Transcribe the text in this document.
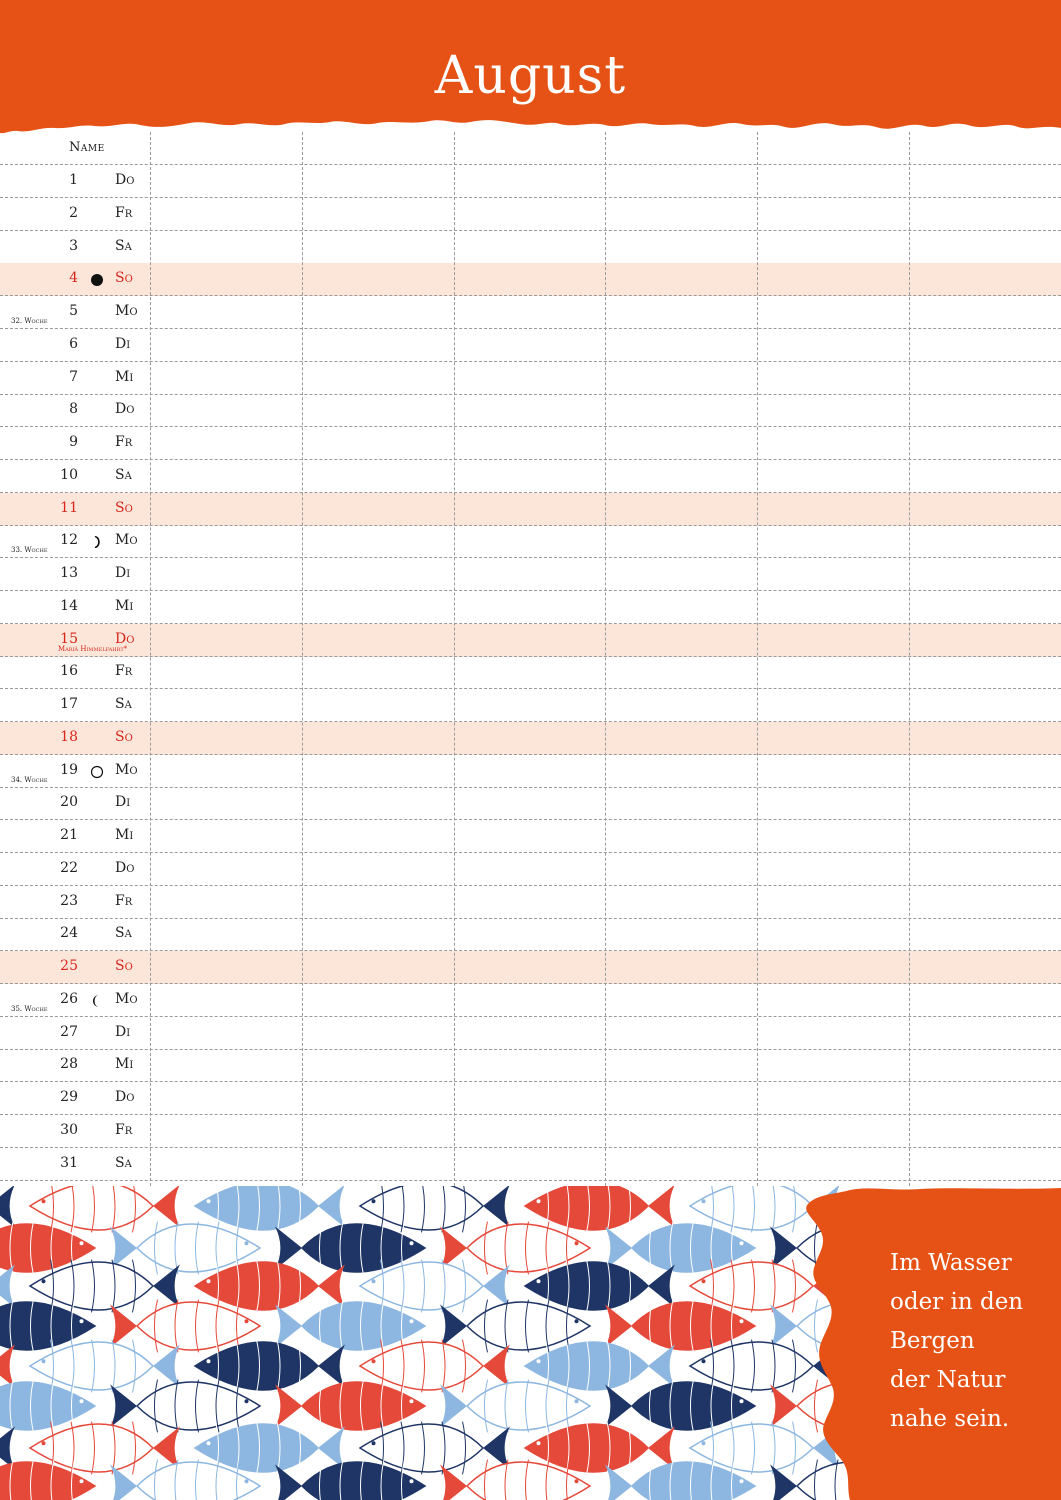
August
Name
1	Do
2	Fr
3	Sa
4	So
5	Mo
32. Woche
6	Di
7	Mi
8	Do
9	Fr
10	Sa
11	So
12	Mo
33. Woche
13	Di
14	Mi
15	Do
Mariä Himmelfahrt*
16	Fr
17	Sa
18	So
19	Mo
34. Woche
20	Di
21	Mi
22	Do
23	Fr
24	Sa
25	So
26	Mo
35. Woche
27	Di
28	Mi
29	Do
30	Fr
31	Sa
Im Wasser
oder in den
Bergen
der Natur
nahe sein.
